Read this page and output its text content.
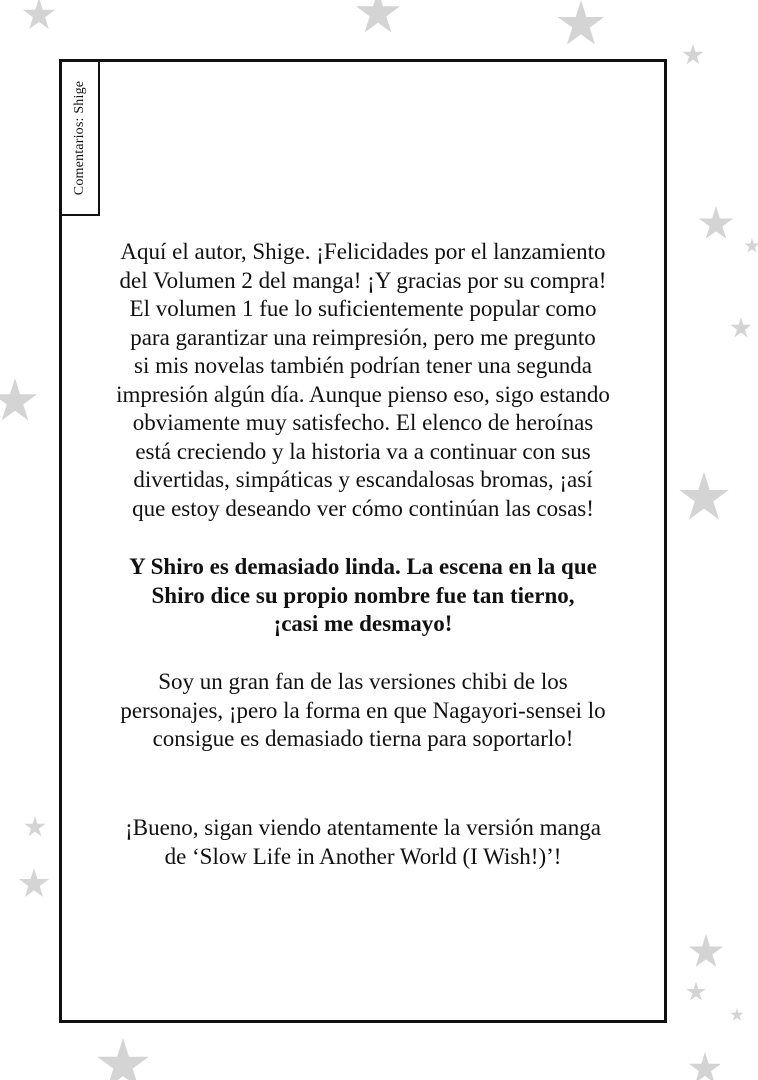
Comentarios: Shige

Aquí el autor, Shige. ¡Felicidades por el lanzamiento
del Volumen 2 del manga! ¡Y gracias por su compra!
El volumen 1 fue lo suficientemente popular como
para garantizar una reimpresión, pero me pregunto
si mis novelas también podrían tener una segunda
impresión algún día. Aunque pienso eso, sigo estando
obviamente muy satisfecho. El elenco de heroínas
está creciendo y la historia va a continuar con sus
divertidas, simpáticas y escandalosas bromas, ¡así
que estoy deseando ver cómo continúan las cosas!

Y Shiro es demasiado linda. La escena en la que
Shiro dice su propio nombre fue tan tierno,
¡casi me desmayo!

Soy un gran fan de las versiones chibi de los
personajes, ¡pero la forma en que Nagayori-sensei lo
consigue es demasiado tierna para soportarlo!

¡Bueno, sigan viendo atentamente la versión manga
de ‘Slow Life in Another World (I Wish!)’!
